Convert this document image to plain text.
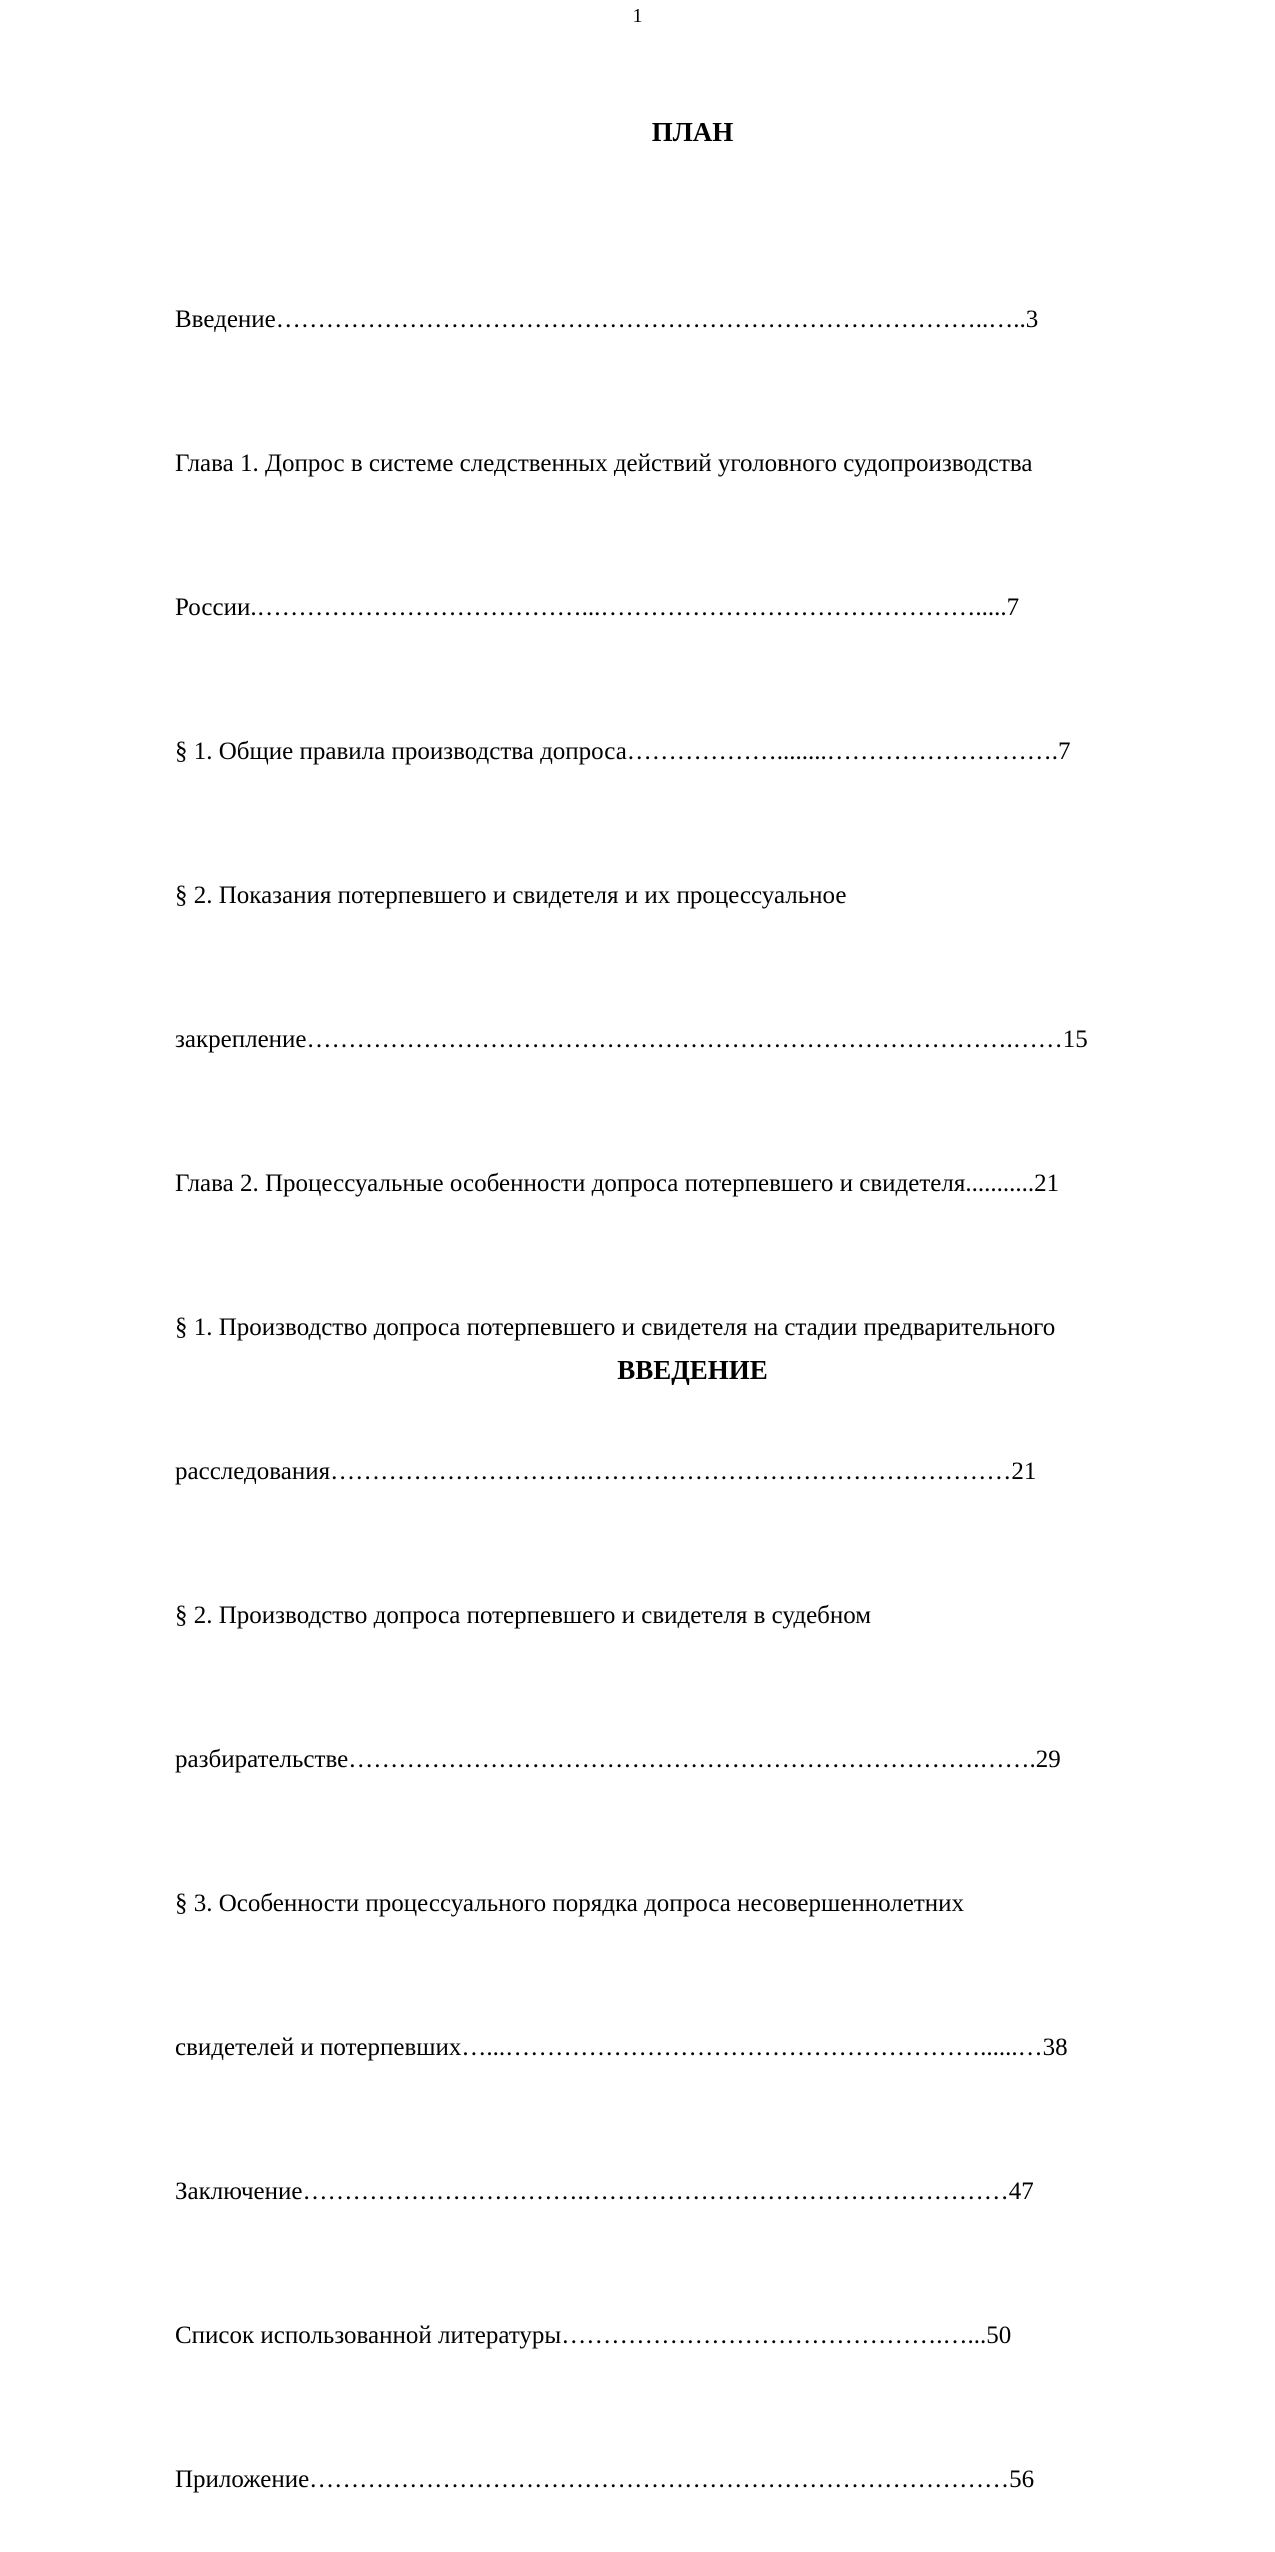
1
ПЛАН

Введение…………………………………………………………………………..…..3

Глава 1. Допрос в системе следственных действий уголовного судопроизводства

России.…………………………………...……………………………………….....7

§ 1. Общие правила производства допроса………………........……………………….7

§ 2. Показания потерпевшего и свидетеля и их процессуальное

закрепление………………………………………………………………………….……15

Глава 2. Процессуальные особенности допроса потерпевшего и свидетеля...........21

§ 1. Производство допроса потерпевшего и свидетеля на стадии предварительного

расследования………………………….……………………………………………21

§ 2. Производство допроса потерпевшего и свидетеля в судебном

разбирательстве………………………………………………………………….…….29

§ 3. Особенности процессуального порядка допроса несовершеннолетних

свидетелей и потерпевших…...…………………………………………………......…38

Заключение…………………………….……………………………………………47

Список использованной литературы……………………………………….…...50

Приложение…………………………………………………………………………56

ВВЕДЕНИЕ
